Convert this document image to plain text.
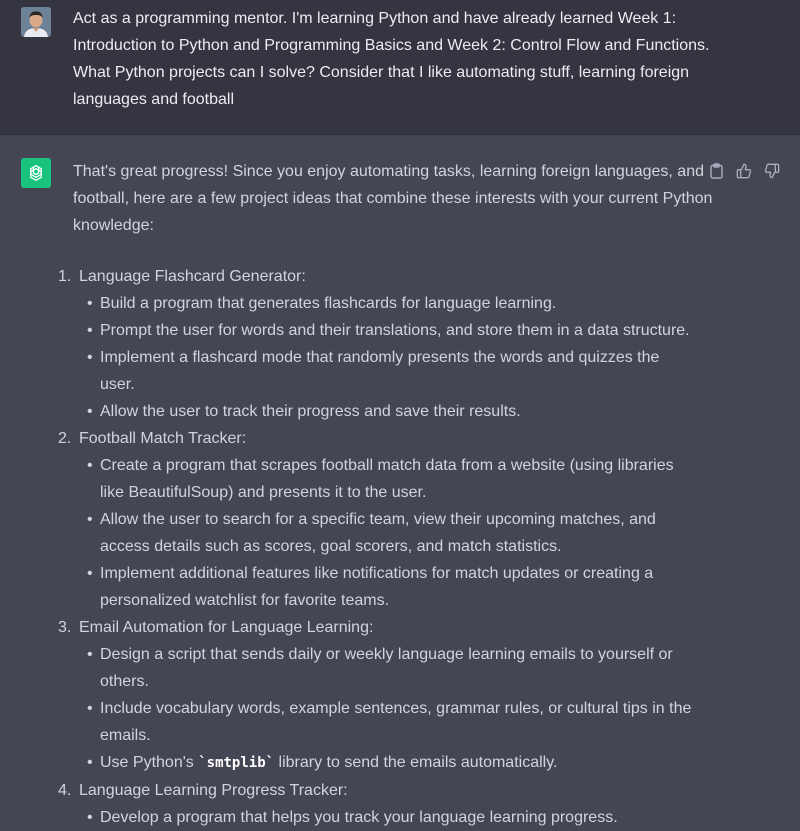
Act as a programming mentor. I'm learning Python and have already learned Week 1: Introduction to Python and Programming Basics and Week 2: Control Flow and Functions. What Python projects can I solve? Consider that I like automating stuff, learning foreign languages and football

That's great progress! Since you enjoy automating tasks, learning foreign languages, and football, here are a few project ideas that combine these interests with your current Python knowledge:

1. Language Flashcard Generator:
• Build a program that generates flashcards for language learning.
• Prompt the user for words and their translations, and store them in a data structure.
• Implement a flashcard mode that randomly presents the words and quizzes the user.
• Allow the user to track their progress and save their results.
2. Football Match Tracker:
• Create a program that scrapes football match data from a website (using libraries like BeautifulSoup) and presents it to the user.
• Allow the user to search for a specific team, view their upcoming matches, and access details such as scores, goal scorers, and match statistics.
• Implement additional features like notifications for match updates or creating a personalized watchlist for favorite teams.
3. Email Automation for Language Learning:
• Design a script that sends daily or weekly language learning emails to yourself or others.
• Include vocabulary words, example sentences, grammar rules, or cultural tips in the emails.
• Use Python's `smtplib` library to send the emails automatically.
4. Language Learning Progress Tracker:
• Develop a program that helps you track your language learning progress.
